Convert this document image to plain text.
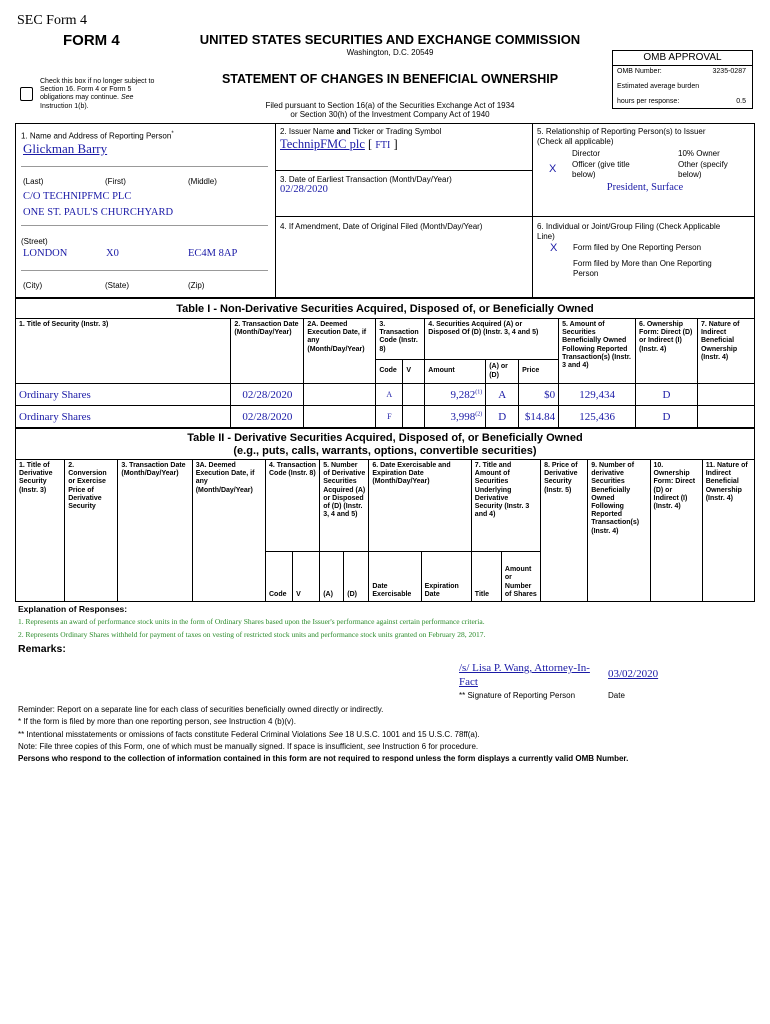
SEC Form 4
FORM 4	UNITED STATES SECURITIES AND EXCHANGE COMMISSION
Washington, D.C. 20549
Check this box if no longer subject to
Section 16. Form 4 or Form 5
obligations may continue. See
Instruction 1(b).
STATEMENT OF CHANGES IN BENEFICIAL OWNERSHIP
Filed pursuant to Section 16(a) of the Securities Exchange Act of 1934
or Section 30(h) of the Investment Company Act of 1940
OMB APPROVAL
OMB Number:	3235-0287
Estimated average burden
hours per response:	0.5
1. Name and Address of Reporting Person*
Glickman Barry
(Last)	(First)	(Middle)
C/O TECHNIPFMC PLC
ONE ST. PAUL'S CHURCHYARD
(Street)
LONDON	X0	EC4M 8AP
(City)	(State)	(Zip)
2. Issuer Name and Ticker or Trading Symbol
TechnipFMC plc [ FTI ]
3. Date of Earliest Transaction (Month/Day/Year)
02/28/2020
4. If Amendment, Date of Original Filed (Month/Day/Year)
5. Relationship of Reporting Person(s) to Issuer
(Check all applicable)
Director	10% Owner
X Officer (give title
below)
Other (specify
below)
President, Surface
6. Individual or Joint/Group Filing (Check Applicable
Line)
X Form filed by One Reporting Person
Form filed by More than One Reporting
Person
Table I - Non-Derivative Securities Acquired, Disposed of, or Beneficially Owned
1. Title of Security (Instr. 3)	2. Transaction Date (Month/Day/Year)	2A. Deemed Execution Date, if any (Month/Day/Year)	3. Transaction Code (Instr. 8)		4. Securities Acquired (A) or Disposed Of (D) (Instr. 3, 4 and 5)			5. Amount of Securities Beneficially Owned Following Reported Transaction(s) (Instr. 3 and 4)	6. Ownership Form: Direct (D) or Indirect (I) (Instr. 4)	7. Nature of Indirect Beneficial Ownership (Instr. 4)
			Code	V	Amount	(A) or (D)	Price			
Ordinary Shares	02/28/2020		A		9,282$^{(1)}$	A	$0	129,434	D	
Ordinary Shares	02/28/2020		F		3,998$^{(2)}$	D	$14.84	125,436	D	
Table II - Derivative Securities Acquired, Disposed of, or Beneficially Owned
(e.g., puts, calls, warrants, options, convertible securities)
1. Title of Derivative Security (Instr. 3)	2. Conversion or Exercise Price of Derivative Security	3. Transaction Date (Month/Day/Year)	3A. Deemed Execution Date, if any (Month/Day/Year)	4. Transaction Code (Instr. 8)		5. Number of Derivative Securities Acquired (A) or Disposed of (D) (Instr. 3, 4 and 5)		6. Date Exercisable and Expiration Date (Month/Day/Year)		7. Title and Amount of Securities Underlying Derivative Security (Instr. 3 and 4)		8. Price of Derivative Security (Instr. 5)	9. Number of derivative Securities Beneficially Owned Following Reported Transaction(s) (Instr. 4)	10. Ownership Form: Direct (D) or Indirect (I) (Instr. 4)	11. Nature of Indirect Beneficial Ownership (Instr. 4)
				Code	V	(A)	(D)	Date Exercisable	Expiration Date	Title	Amount or Number of Shares				
Explanation of Responses:
1. Represents an award of performance stock units in the form of Ordinary Shares based upon the Issuer's performance against certain performance criteria.
2. Represents Ordinary Shares withheld for payment of taxes on vesting of restricted stock units and performance stock units granted on February 28, 2017.
Remarks:
/s/ Lisa P. Wang, Attorney-In-
Fact
03/02/2020
** Signature of Reporting Person	Date
Reminder: Report on a separate line for each class of securities beneficially owned directly or indirectly.
* If the form is filed by more than one reporting person, see Instruction 4 (b)(v).
** Intentional misstatements or omissions of facts constitute Federal Criminal Violations See 18 U.S.C. 1001 and 15 U.S.C. 78ff(a).
Note: File three copies of this Form, one of which must be manually signed. If space is insufficient, see Instruction 6 for procedure.
Persons who respond to the collection of information contained in this form are not required to respond unless the form displays a currently valid OMB Number.
